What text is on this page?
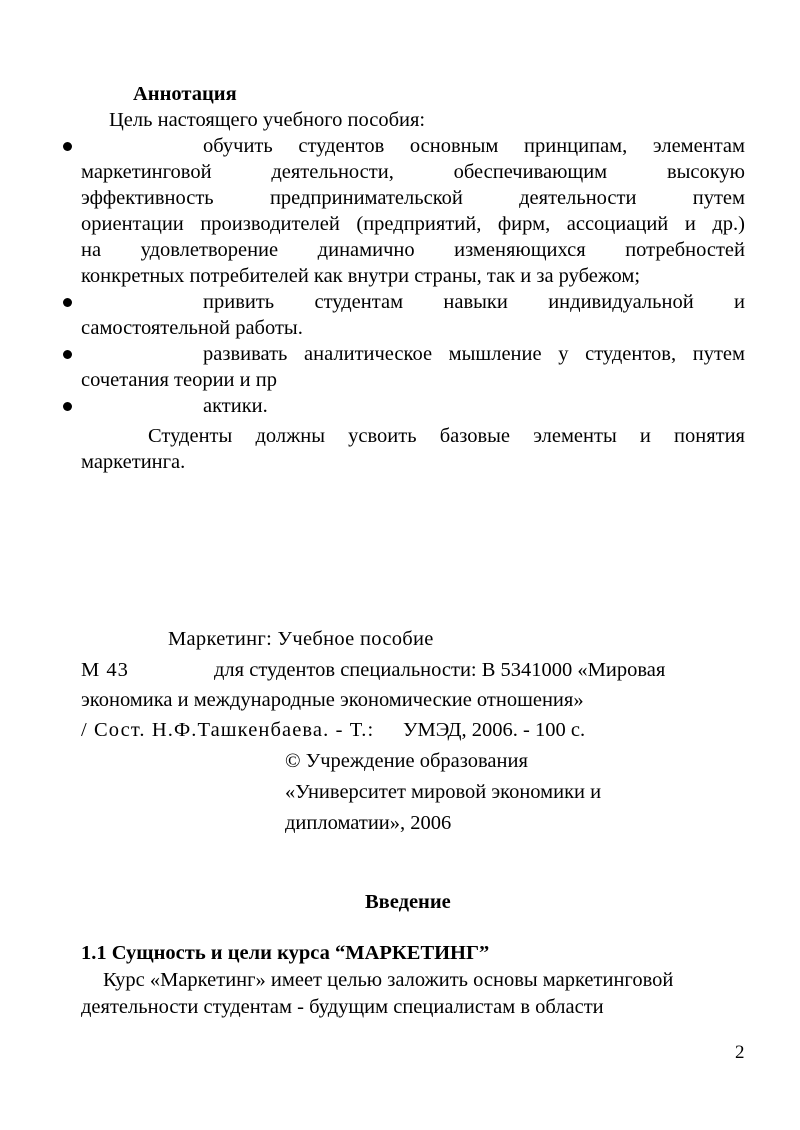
Аннотация
Цель настоящего учебного пособия:
обучить студентов основным принципам, элементам
маркетинговой деятельности, обеспечивающим высокую
эффективность предпринимательской деятельности путем
ориентации производителей (предприятий, фирм, ассоциаций и др.)
на удовлетворение динамично изменяющихся потребностей
конкретных потребителей как внутри страны, так и за рубежом;
привить студентам навыки индивидуальной и
самостоятельной работы.
развивать аналитическое мышление у студентов, путем
сочетания теории и пр
актики.
Студенты должны усвоить базовые элементы и понятия
маркетинга.
Маркетинг: Учебное пособие
М 43	для студентов специальности: В 5341000 «Мировая
экономика и международные экономические отношения»
/ Сост. Н.Ф.Ташкенбаева. - Т.: УМЭД, 2006. - 100 с.
© Учреждение образования
«Университет мировой экономики и
дипломатии», 2006
Введение
1.1 Сущность и цели курса “МАРКЕТИНГ”
Курс «Маркетинг» имеет целью заложить основы маркетинговой
деятельности студентам - будущим специалистам в области
2
